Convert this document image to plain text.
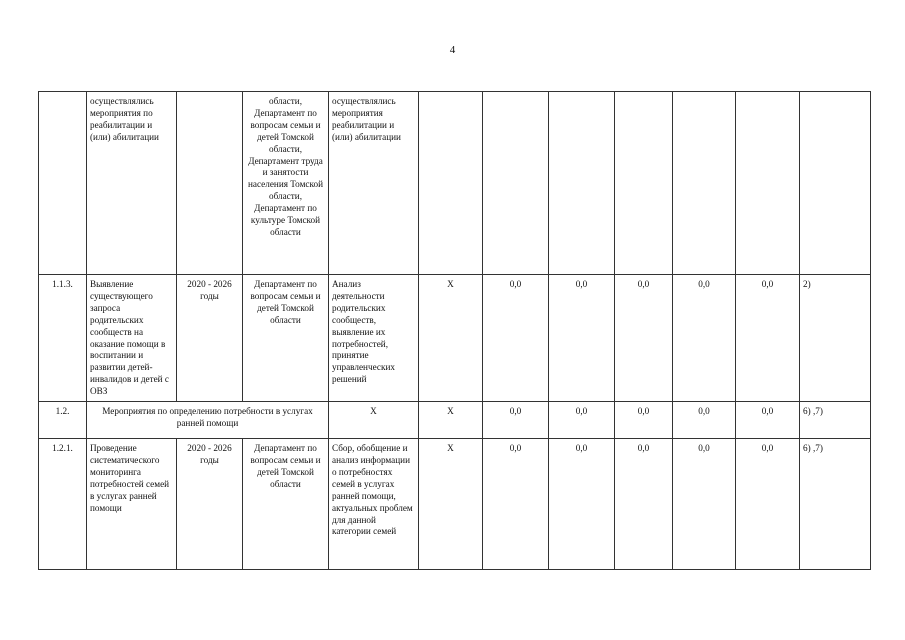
4
	осуществлялись мероприятия по реабилитации и (или) абилитации		области, Департамент по вопросам семьи и детей Томской области, Департамент труда и занятости населения Томской области, Департамент по культуре Томской области	осуществлялись мероприятия реабилитации и (или) абилитации							
1.1.3.	Выявление существующего запроса родительских сообществ на оказание помощи в воспитании и развитии детей-инвалидов и детей с ОВЗ	2020 - 2026 годы	Департамент по вопросам семьи и детей Томской области	Анализ деятельности родительских сообществ, выявление их потребностей, принятие управленческих решений	X	0,0	0,0	0,0	0,0	0,0	2)
1.2.	Мероприятия по определению потребности в услугах ранней помощи			X	X	0,0	0,0	0,0	0,0	0,0	6) ,7)
1.2.1.	Проведение систематического мониторинга потребностей семей в услугах ранней помощи	2020 - 2026 годы	Департамент по вопросам семьи и детей Томской области	Сбор, обобщение и анализ информации о потребностях семей в услугах ранней помощи, актуальных проблем для данной категории семей	X	0,0	0,0	0,0	0,0	0,0	6) ,7)
